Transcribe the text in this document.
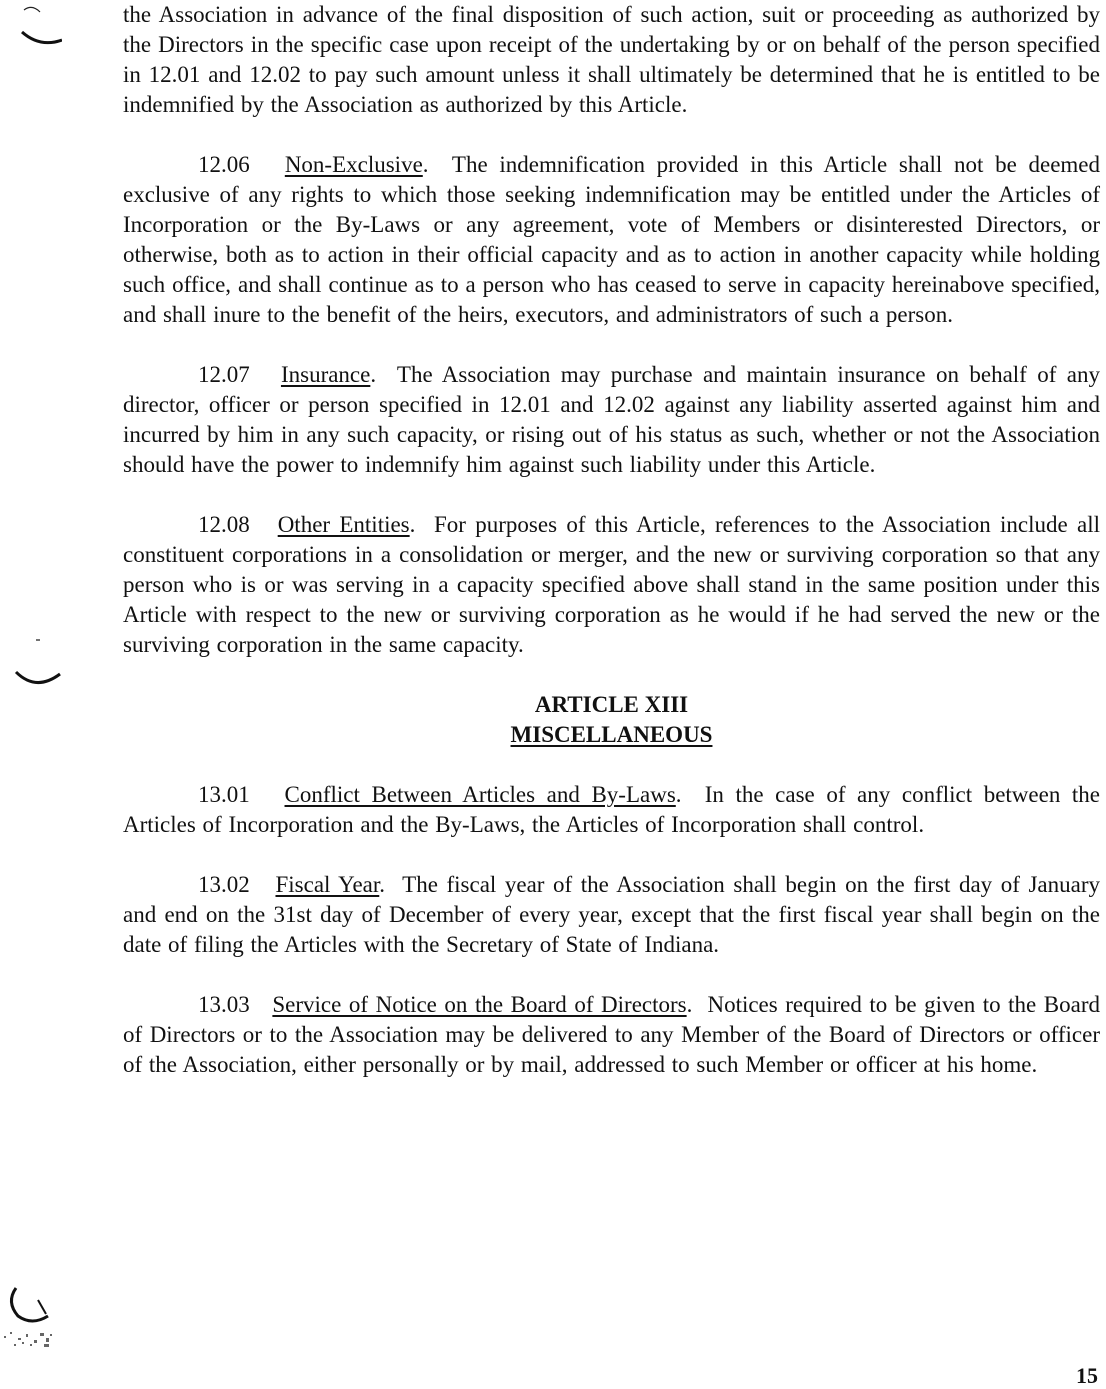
the Association in advance of the final disposition of such action, suit or proceeding as authorized by the Directors in the specific case upon receipt of the undertaking by or on behalf of the person specified in 12.01 and 12.02 to pay such amount unless it shall ultimately be determined that he is entitled to be indemnified by the Association as authorized by this Article.

12.06 Non-Exclusive.  The indemnification provided in this Article shall not be deemed exclusive of any rights to which those seeking indemnification may be entitled under the Articles of Incorporation or the By-Laws or any agreement, vote of Members or disinterested Directors, or otherwise, both as to action in their official capacity and as to action in another capacity while holding such office, and shall continue as to a person who has ceased to serve in capacity hereinabove specified, and shall inure to the benefit of the heirs, executors, and administrators of such a person.

12.07 Insurance.  The Association may purchase and maintain insurance on behalf of any director, officer or person specified in 12.01 and 12.02 against any liability asserted against him and incurred by him in any such capacity, or rising out of his status as such, whether or not the Association should have the power to indemnify him against such liability under this Article.

12.08 Other Entities.  For purposes of this Article, references to the Association include all constituent corporations in a consolidation or merger, and the new or surviving corporation so that any person who is or was serving in a capacity specified above shall stand in the same position under this Article with respect to the new or surviving corporation as he would if he had served the new or the surviving corporation in the same capacity.

ARTICLE XIII
MISCELLANEOUS

13.01 Conflict Between Articles and By-Laws.  In the case of any conflict between the Articles of Incorporation and the By-Laws, the Articles of Incorporation shall control.

13.02 Fiscal Year.  The fiscal year of the Association shall begin on the first day of January and end on the 31st day of December of every year, except that the first fiscal year shall begin on the date of filing the Articles with the Secretary of State of Indiana.

13.03 Service of Notice on the Board of Directors.  Notices required to be given to the Board of Directors or to the Association may be delivered to any Member of the Board of Directors or officer of the Association, either personally or by mail, addressed to such Member or officer at his home.

15
